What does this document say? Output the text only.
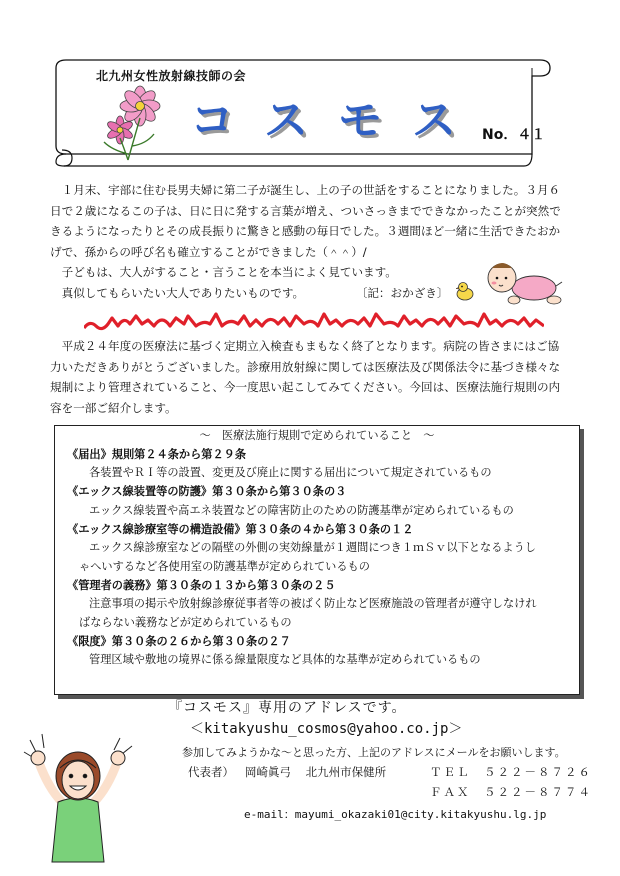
北九州女性放射線技師の会
コスモス
No．４１

１月末、宇部に住む長男夫婦に第二子が誕生し、上の子の世話をすることになりました。３月６

日で２歳になるこの子は、日に日に発する言葉が増え、ついさっきまでできなかったことが突然で

きるようになったりとその成長振りに驚きと感動の毎日でした。３週間ほど一緒に生活できたおか

げで、孫からの呼び名も確立することができました（＾＾）/

子どもは、大人がすること・言うことを本当によく見ています。

真似してもらいたい大人でありたいものです。	〔記：おかざき〕

平成２４年度の医療法に基づく定期立入検査もまもなく終了となります。病院の皆さまにはご協

力いただきありがとうございました。診療用放射線に関しては医療法及び関係法令に基づき様々な

規制により管理されていること、今一度思い起こしてみてください。今回は、医療法施行規則の内

容を一部ご紹介します。

～　医療法施行規則で定められていること　～
《届出》規則第２４条から第２９条
各装置やＲＩ等の設置、変更及び廃止に関する届出について規定されているもの
《エックス線装置等の防護》第３０条から第３０条の３
エックス線装置や高エネ装置などの障害防止のための防護基準が定められているもの
《エックス線診療室等の構造設備》第３０条の４から第３０条の１２
エックス線診療室などの隔壁の外側の実効線量が１週間につき１ｍＳｖ以下となるようし
ゃへいするなど各使用室の防護基準が定められているもの
《管理者の義務》第３０条の１３から第３０条の２５
注意事項の掲示や放射線診療従事者等の被ばく防止など医療施設の管理者が遵守しなけれ
ばならない義務などが定められているもの
《限度》第３０条の２６から第３０条の２７
管理区域や敷地の境界に係る線量限度など具体的な基準が定められているもの
『コスモス』専用のアドレスです。
＜kitakyushu_cosmos@yahoo.co.jp＞
参加してみようかな～と思った方、上記のアドレスにメールをお願いします。
代表者） 岡崎眞弓 北九州市保健所	ＴＥＬ　５２２－８７２６
ＦＡＸ　５２２－８７７４
e-mail：mayumi_okazaki01@city.kitakyushu.lg.jp
